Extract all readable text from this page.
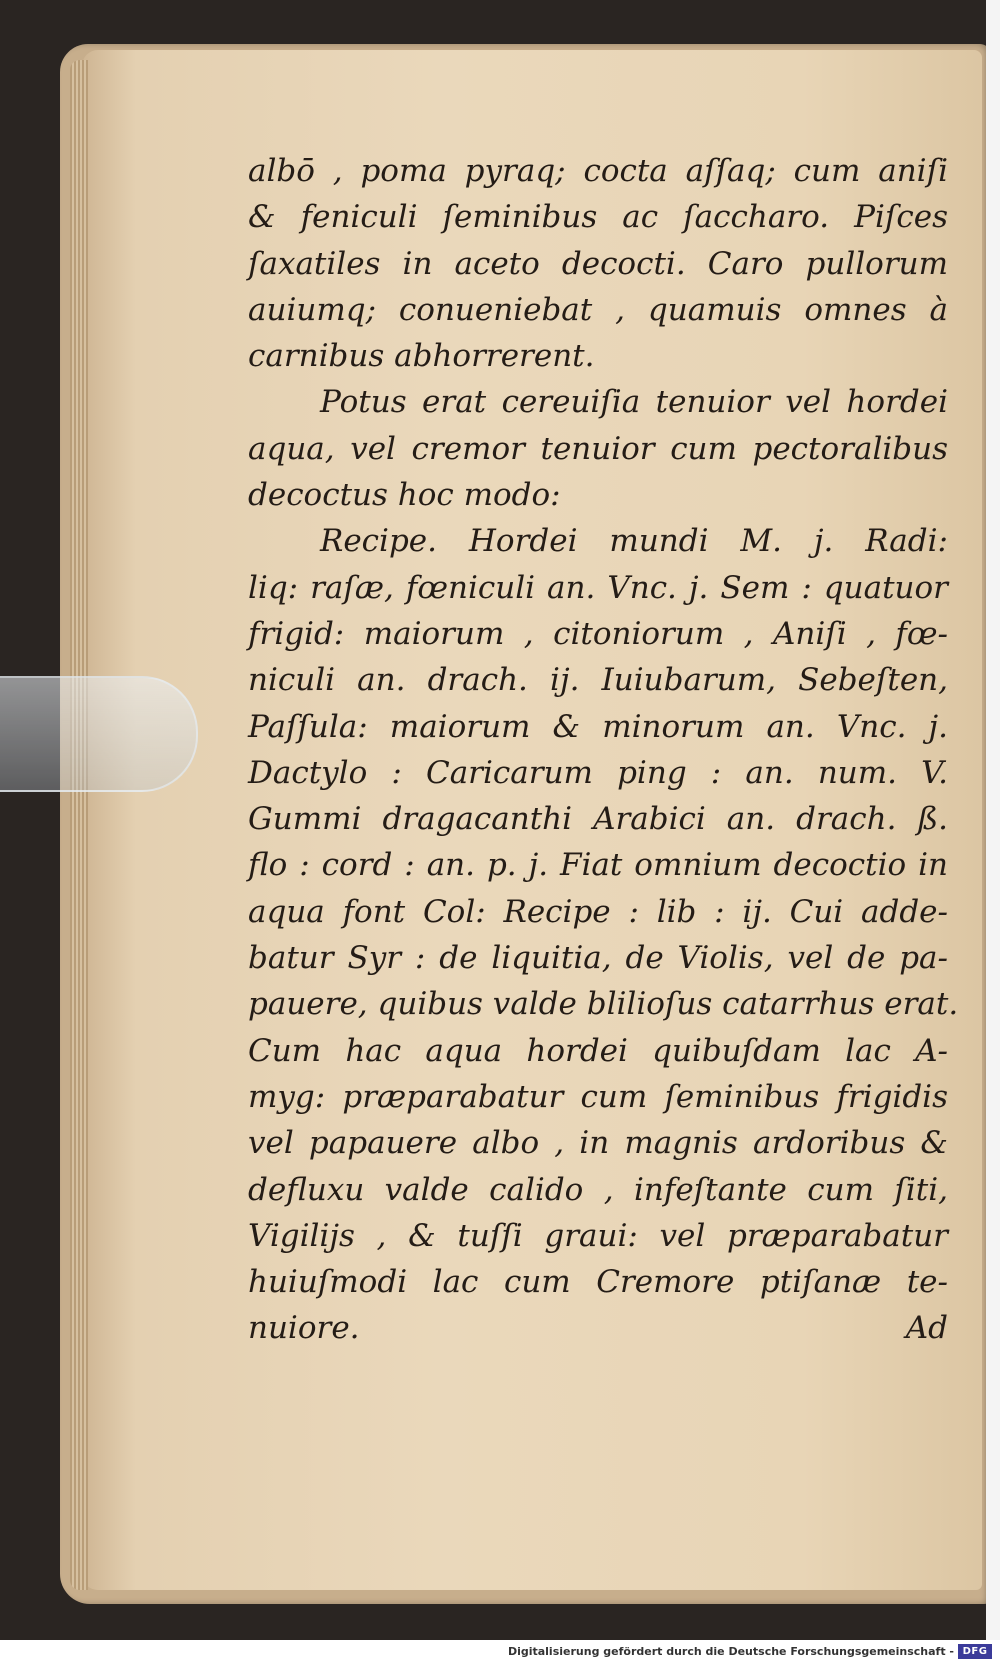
albō , poma pyraq; cocta aſſaq; cum aniſi
& feniculi ſeminibus ac ſaccharo. Piſces
ſaxatiles in aceto decocti. Caro pullorum
auiumq; conueniebat , quamuis omnes à
carnibus abhorrerent.
Potus erat cereuiſia tenuior vel hordei
aqua, vel cremor tenuior cum pectoralibus
decoctus hoc modo:
Recipe. Hordei mundi M. j. Radi:
liq: raſæ, fœniculi an. Vnc. j. Sem : quatuor
frigid: maiorum , citoniorum , Aniſi , fœ-
niculi an. drach. ij. Iuiubarum, Sebeſten,
Paſſula: maiorum & minorum an. Vnc. j.
Dactylo : Caricarum ping : an. num. V.
Gummi dragacanthi Arabici an. drach. ß.
flo : cord : an. p. j. Fiat omnium decoctio in
aqua font Col: Recipe : lib : ij. Cui adde-
batur Syr : de liquitia, de Violis, vel de pa-
pauere, quibus valde blilioſus catarrhus erat.
Cum hac aqua hordei quibuſdam lac A-
myg: præparabatur cum ſeminibus frigidis
vel papauere albo , in magnis ardoribus &
defluxu valde calido , infeſtante cum ſiti,
Vigilijs , & tuſſi graui: vel præparabatur
huiuſmodi lac cum Cremore ptiſanæ te-
nuiore.	Ad
Digitalisierung gefördert durch die Deutsche Forschungsgemeinschaft - DFG
